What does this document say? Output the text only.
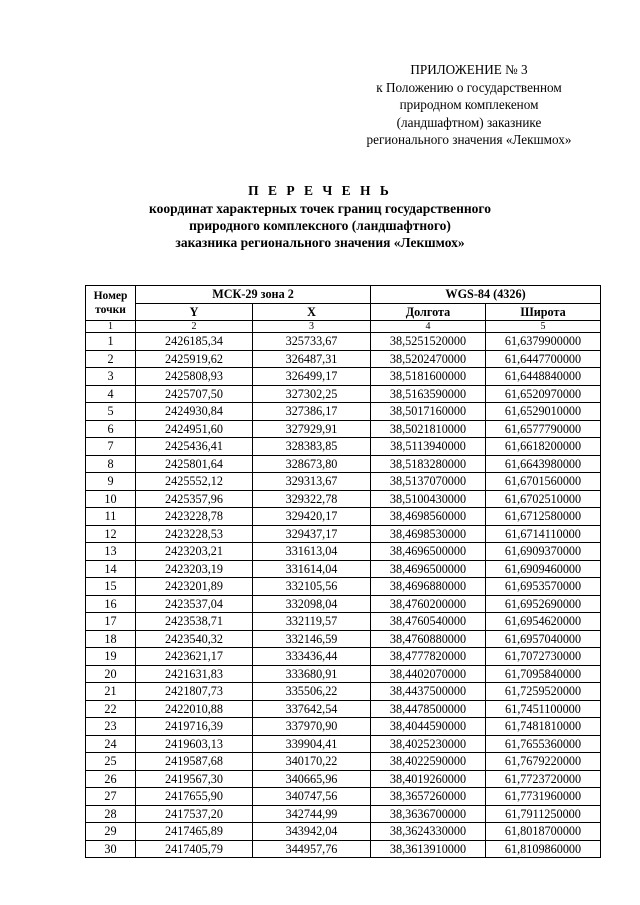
ПРИЛОЖЕНИЕ № 3
к Положению о государственном
природном комплекеном
(ландшафтном) заказнике
регионального значения «Лекшмох»
П Е Р Е Ч Е Н Ь
координат характерных точек границ государственного
природного комплексного (ландшафтного)
заказника регионального значения «Лекшмох»
Номер
точки	МСК-29 зона 2		WGS-84 (4326)	
	Y	X	Долгота	Широта
1	2	3	4	5
1	2426185,34	325733,67	38,5251520000	61,6379900000
2	2425919,62	326487,31	38,5202470000	61,6447700000
3	2425808,93	326499,17	38,5181600000	61,6448840000
4	2425707,50	327302,25	38,5163590000	61,6520970000
5	2424930,84	327386,17	38,5017160000	61,6529010000
6	2424951,60	327929,91	38,5021810000	61,6577790000
7	2425436,41	328383,85	38,5113940000	61,6618200000
8	2425801,64	328673,80	38,5183280000	61,6643980000
9	2425552,12	329313,67	38,5137070000	61,6701560000
10	2425357,96	329322,78	38,5100430000	61,6702510000
11	2423228,78	329420,17	38,4698560000	61,6712580000
12	2423228,53	329437,17	38,4698530000	61,6714110000
13	2423203,21	331613,04	38,4696500000	61,6909370000
14	2423203,19	331614,04	38,4696500000	61,6909460000
15	2423201,89	332105,56	38,4696880000	61,6953570000
16	2423537,04	332098,04	38,4760200000	61,6952690000
17	2423538,71	332119,57	38,4760540000	61,6954620000
18	2423540,32	332146,59	38,4760880000	61,6957040000
19	2423621,17	333436,44	38,4777820000	61,7072730000
20	2421631,83	333680,91	38,4402070000	61,7095840000
21	2421807,73	335506,22	38,4437500000	61,7259520000
22	2422010,88	337642,54	38,4478500000	61,7451100000
23	2419716,39	337970,90	38,4044590000	61,7481810000
24	2419603,13	339904,41	38,4025230000	61,7655360000
25	2419587,68	340170,22	38,4022590000	61,7679220000
26	2419567,30	340665,96	38,4019260000	61,7723720000
27	2417655,90	340747,56	38,3657260000	61,7731960000
28	2417537,20	342744,99	38,3636700000	61,7911250000
29	2417465,89	343942,04	38,3624330000	61,8018700000
30	2417405,79	344957,76	38,3613910000	61,8109860000
